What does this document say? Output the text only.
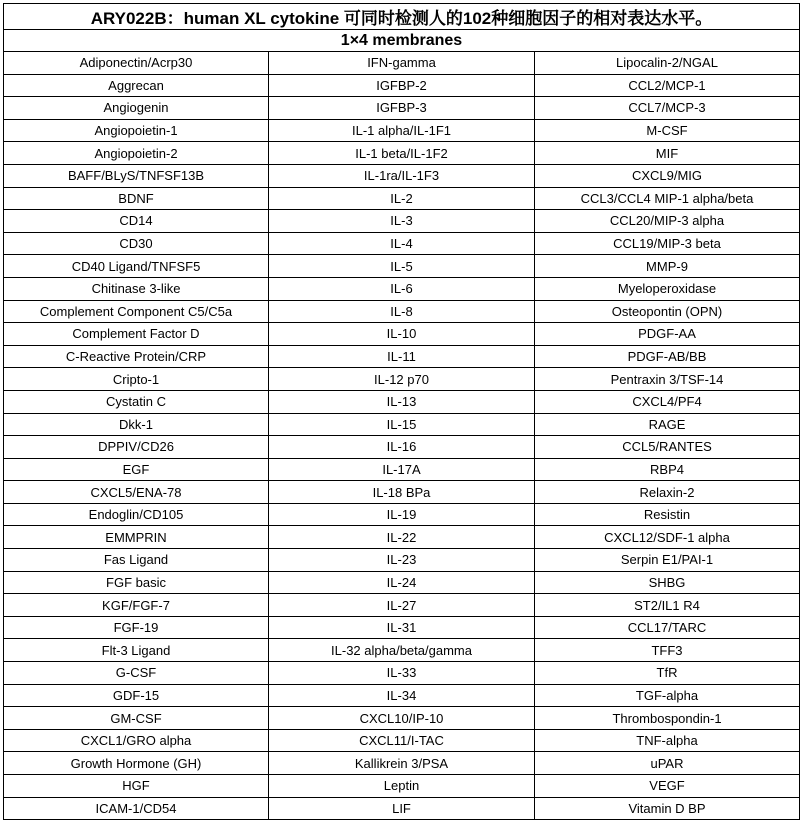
ARY022B：human XL cytokine 可同时检测人的102种细胞因子的相对表达水平。		
1×4 membranes		
Adiponectin/Acrp30	IFN-gamma	Lipocalin-2/NGAL
Aggrecan	IGFBP-2	CCL2/MCP-1
Angiogenin	IGFBP-3	CCL7/MCP-3
Angiopoietin-1	IL-1 alpha/IL-1F1	M-CSF
Angiopoietin-2	IL-1 beta/IL-1F2	MIF
BAFF/BLyS/TNFSF13B	IL-1ra/IL-1F3	CXCL9/MIG
BDNF	IL-2	CCL3/CCL4 MIP-1 alpha/beta
CD14	IL-3	CCL20/MIP-3 alpha
CD30	IL-4	CCL19/MIP-3 beta
CD40 Ligand/TNFSF5	IL-5	MMP-9
Chitinase 3-like	IL-6	Myeloperoxidase
Complement Component C5/C5a	IL-8	Osteopontin (OPN)
Complement Factor D	IL-10	PDGF-AA
C-Reactive Protein/CRP	IL-11	PDGF-AB/BB
Cripto-1	IL-12 p70	Pentraxin 3/TSF-14
Cystatin C	IL-13	CXCL4/PF4
Dkk-1	IL-15	RAGE
DPPIV/CD26	IL-16	CCL5/RANTES
EGF	IL-17A	RBP4
CXCL5/ENA-78	IL-18 BPa	Relaxin-2
Endoglin/CD105	IL-19	Resistin
EMMPRIN	IL-22	CXCL12/SDF-1 alpha
Fas Ligand	IL-23	Serpin E1/PAI-1
FGF basic	IL-24	SHBG
KGF/FGF-7	IL-27	ST2/IL1 R4
FGF-19	IL-31	CCL17/TARC
Flt-3 Ligand	IL-32 alpha/beta/gamma	TFF3
G-CSF	IL-33	TfR
GDF-15	IL-34	TGF-alpha
GM-CSF	CXCL10/IP-10	Thrombospondin-1
CXCL1/GRO alpha	CXCL11/I-TAC	TNF-alpha
Growth Hormone (GH)	Kallikrein 3/PSA	uPAR
HGF	Leptin	VEGF
ICAM-1/CD54	LIF	Vitamin D BP
